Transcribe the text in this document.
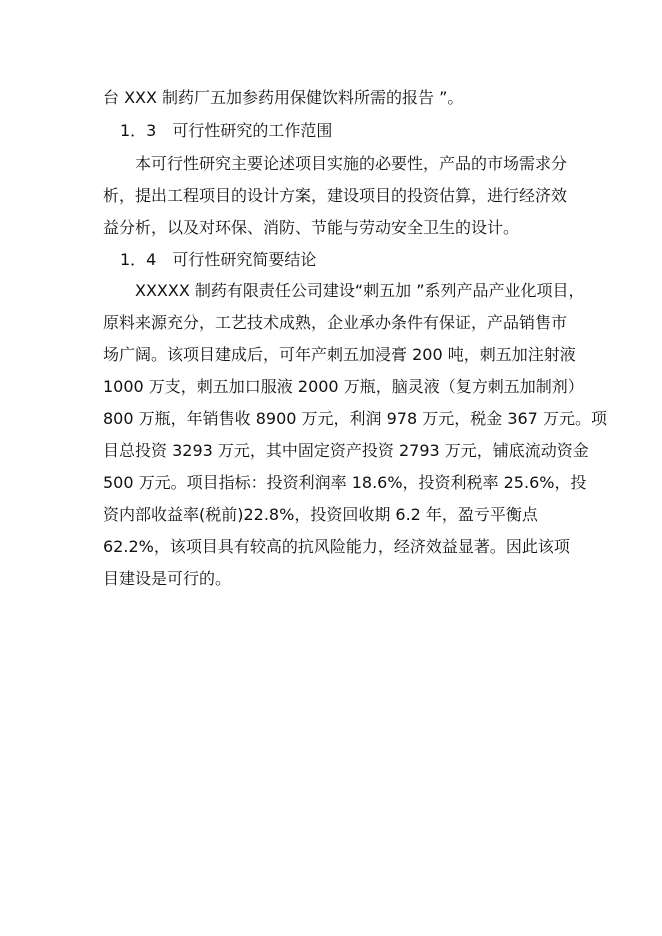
台 XXX 制药厂五加参药用保健饮料所需的报告 ”。
1．3　可行性研究的工作范围
本可行性研究主要论述项目实施的必要性，产品的市场需求分
析，提出工程项目的设计方案，建设项目的投资估算，进行经济效
益分析，以及对环保、消防、节能与劳动安全卫生的设计。
1．4　可行性研究简要结论
XXXXX 制药有限责任公司建设“刺五加 ”系列产品产业化项目，
原料来源充分，工艺技术成熟，企业承办条件有保证，产品销售市
场广阔。该项目建成后，可年产刺五加浸膏 200 吨，刺五加注射液
1000 万支，刺五加口服液 2000 万瓶，脑灵液（复方刺五加制剂）
800 万瓶，年销售收 8900 万元，利润 978 万元，税金 367 万元。项
目总投资 3293 万元，其中固定资产投资 2793 万元，铺底流动资金
500 万元。项目指标：投资利润率 18.6%，投资利税率 25.6%，投
资内部收益率(税前)22.8%，投资回收期 6.2 年，盈亏平衡点
62.2%，该项目具有较高的抗风险能力，经济效益显著。因此该项
目建设是可行的。
